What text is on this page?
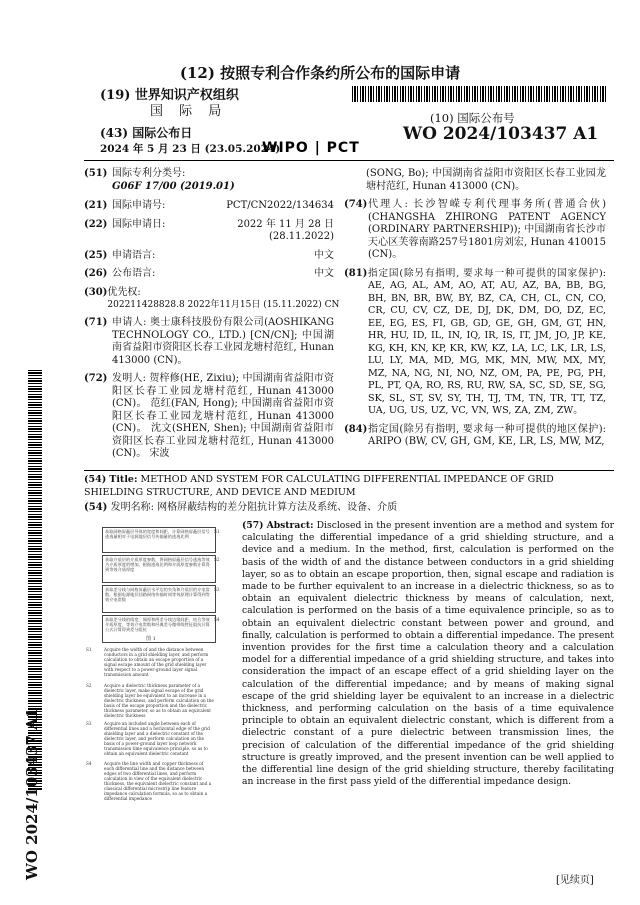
(12) 按照专利合作条约所公布的国际申请
(19) 世界知识产权组织
国 际 局
(43) 国际公布日
2024 年 5 月 23 日 (23.05.2024)
(10) 国际公布号
WO 2024/103437 A1
WIPO | PCT
(51) 国际专利分类号:
G06F 17/00 (2019.01)
(21) 国际申请号:	PCT/CN2022/134634
(22) 国际申请日:	2022 年 11 月 28 日 (28.11.2022)
(25) 申请语言:	中文
(26) 公布语言:	中文
(30) 优先权:
202211428828.8 2022年11月15日 (15.11.2022) CN
(71) 申请人: 奥士康科技股份有限公司(AOSHIKANG TECHNOLOGY CO., LTD.) [CN/CN]; 中国湖南省益阳市资阳区长春工业园龙塘村范红, Hunan 413000 (CN)。
(72) 发明人: 贺梓修(HE, Zixiu); 中国湖南省益阳市资阳区长春工业园龙塘村范红, Hunan 413000 (CN)。 范红(FAN, Hong); 中国湖南省益阳市资阳区长春工业园龙塘村范红, Hunan 413000 (CN)。 沈文(SHEN, Shen); 中国湖南省益阳市资阳区长春工业园龙塘村范红, Hunan 413000 (CN)。 宋波
(SONG, Bo); 中国湖南省益阳市资阳区长春工业园龙塘村范红, Hunan 413000 (CN)。
(74) 代理人: 长沙智嵘专利代理事务所(普通合伙) (CHANGSHA ZHIRONG PATENT AGENCY (ORDINARY PARTNERSHIP)); 中国湖南省长沙市天心区芙蓉南路257号1801房刘宏, Hunan 410015 (CN)。
(81) 指定国(除另有指明, 要求每一种可提供的国家保护): AE, AG, AL, AM, AO, AT, AU, AZ, BA, BB, BG, BH, BN, BR, BW, BY, BZ, CA, CH, CL, CN, CO, CR, CU, CV, CZ, DE, DJ, DK, DM, DO, DZ, EC, EE, EG, ES, FI, GB, GD, GE, GH, GM, GT, HN, HR, HU, ID, IL, IN, IQ, IR, IS, IT, JM, JO, JP, KE, KG, KH, KN, KP, KR, KW, KZ, LA, LC, LK, LR, LS, LU, LY, MA, MD, MG, MK, MN, MW, MX, MY, MZ, NA, NG, NI, NO, NZ, OM, PA, PE, PG, PH, PL, PT, QA, RO, RS, RU, RW, SA, SC, SD, SE, SG, SK, SL, ST, SV, SY, TH, TJ, TM, TN, TR, TT, TZ, UA, UG, US, UZ, VC, VN, WS, ZA, ZM, ZW。
(84) 指定国(除另有指明, 要求每一种可提供的地区保护): ARIPO (BW, CV, GH, GM, KE, LR, LS, MW, MZ,
(54) Title: METHOD AND SYSTEM FOR CALCULATING DIFFERENTIAL IMPEDANCE OF GRID SHIELDING STRUCTURE, AND DEVICE AND MEDIUM
(54) 发明名称: 网格屏蔽结构的差分阻抗计算方法及系统、设备、介质
(57) Abstract: Disclosed in the present invention are a method and system for calculating the differential impedance of a grid shielding structure, and a device and a medium. In the method, first, calculation is performed on the basis of the width of and the distance between conductors in a grid shielding layer, so as to obtain an escape proportion, then, signal escape and radiation is made to be further equivalent to an increase in a dielectric thickness, so as to obtain an equivalent dielectric thickness by means of calculation, next, calculation is performed on the basis of a time equivalence principle, so as to obtain an equivalent dielectric constant between power and ground, and finally, calculation is performed to obtain a differential impedance. The present invention provides for the first time a calculation theory and a calculation model for a differential impedance of a grid shielding structure, and takes into consideration the impact of an escape effect of a grid shielding layer on the calculation of the differential impedance; and by means of making signal escape of the grid shielding layer be equivalent to an increase in a dielectric thickness, and performing calculation on the basis of a time equivalence principle to obtain an equivalent dielectric constant, which is different from a dielectric constant of a pure dielectric between transmission lines, the precision of calculation of the differential impedance of the grid shielding structure is greatly improved, and the present invention can be well applied to the differential line design of the grid shielding structure, thereby facilitating an increase in the first pass yield of the differential impedance design.
获取网格屏蔽层导体的宽度和间距，计算网格屏蔽层信号逃逸量相对于电源地层信号传输量的逃逸比例
S1
获取介质层的介质厚度参数，将网格屏蔽层信号逃逸等效为介质厚度的增加，根据逃逸比例和介质厚度参数计算得到等效介质厚度
S2
获取差分线与网格屏蔽层水平边的夹角和介质层的介电常数，根据电源地层回路网络传输时间等效原理计算得到等效介电常数
S3
获取差分线的线宽、铜厚和两差分线边缘间距，结合等效介质厚度、等效介电常数和经典差分微带线特征阻抗计算公式计算得到差分阻抗
S4
S1	Acquire the width of and the distance between conductors in a grid shielding layer, and perform calculation to obtain an escape proportion of a signal escape amount of the grid shielding layer with respect to a power-ground layer signal transmission amount
S2	Acquire a dielectric thickness parameter of a dielectric layer, make signal escape of the grid shielding layer be equivalent to an increase in a dielectric thickness, and perform calculation on the basis of the escape proportion and the dielectric thickness parameter, so as to obtain an equivalent dielectric thickness
S3	Acquire an included angle between each of differential lines and a horizontal edge of the grid shielding layer and a dielectric constant of the dielectric layer, and perform calculation on the basis of a power-ground layer loop network transmission time equivalence principle, so as to obtain an equivalent dielectric constant
S4	Acquire the line width and copper thickness of each differential line and the distance between edges of two differential lines, and perform calculation in view of the equivalent dielectric thickness, the equivalent dielectric constant and a classical differential microstrip line feature impedance calculation formula, so as to obtain a differential impedance
图 1
WO 2024/103437 A1
[见续页]
